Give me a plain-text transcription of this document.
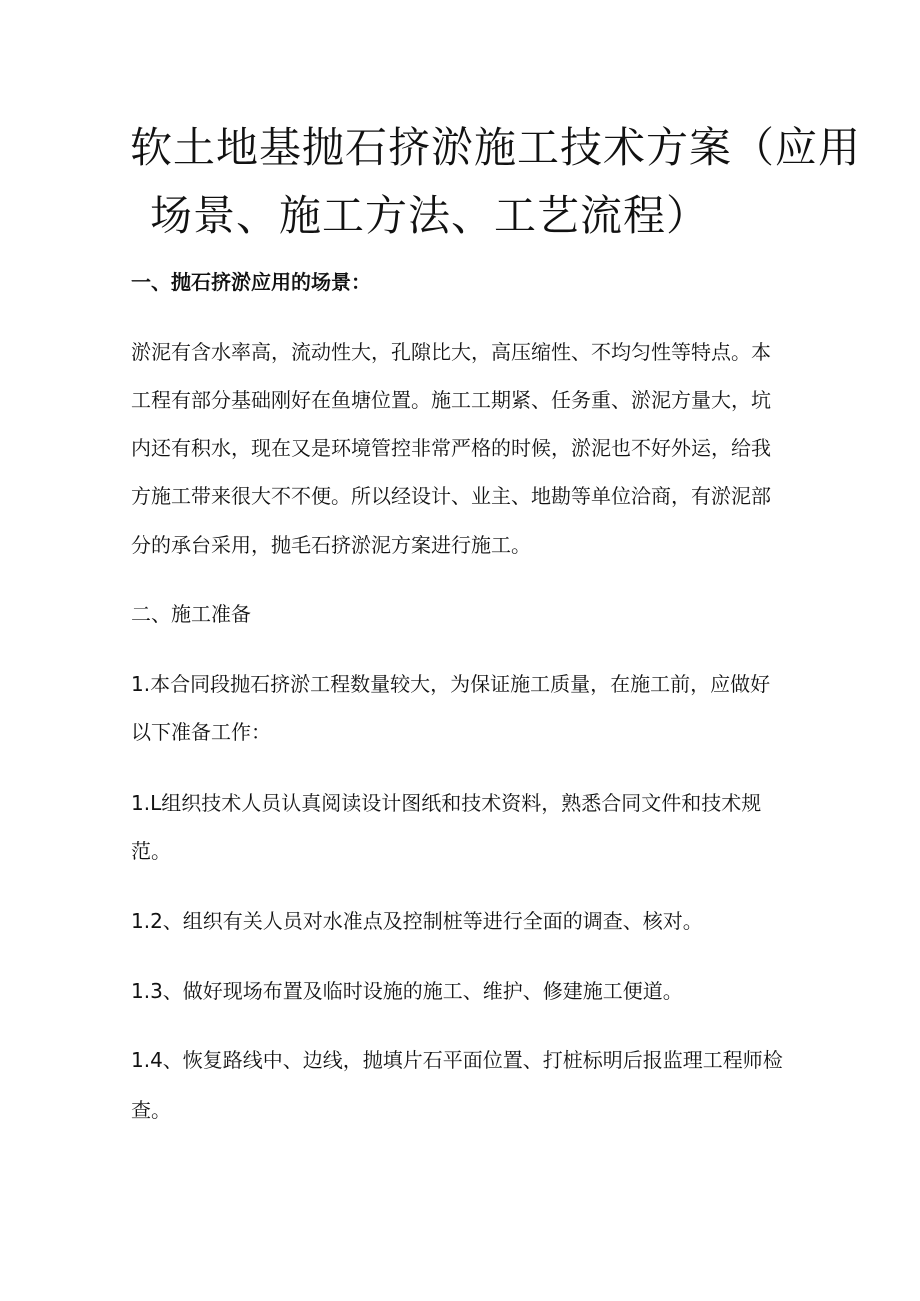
软土地基抛石挤淤施工技术方案（应用
场景、施工方法、工艺流程）

一、抛石挤淤应用的场景：

淤泥有含水率高，流动性大，孔隙比大，高压缩性、不均匀性等特点。本

工程有部分基础刚好在鱼塘位置。施工工期紧、任务重、淤泥方量大，坑

内还有积水，现在又是环境管控非常严格的时候，淤泥也不好外运，给我

方施工带来很大不不便。所以经设计、业主、地勘等单位洽商，有淤泥部

分的承台采用，抛毛石挤淤泥方案进行施工。

二、施工准备

1.本合同段抛石挤淤工程数量较大，为保证施工质量，在施工前，应做好

以下准备工作：

1.L组织技术人员认真阅读设计图纸和技术资料，熟悉合同文件和技术规

范。

1.2、组织有关人员对水准点及控制桩等进行全面的调查、核对。

1.3、做好现场布置及临时设施的施工、维护、修建施工便道。

1.4、恢复路线中、边线，抛填片石平面位置、打桩标明后报监理工程师检

查。
